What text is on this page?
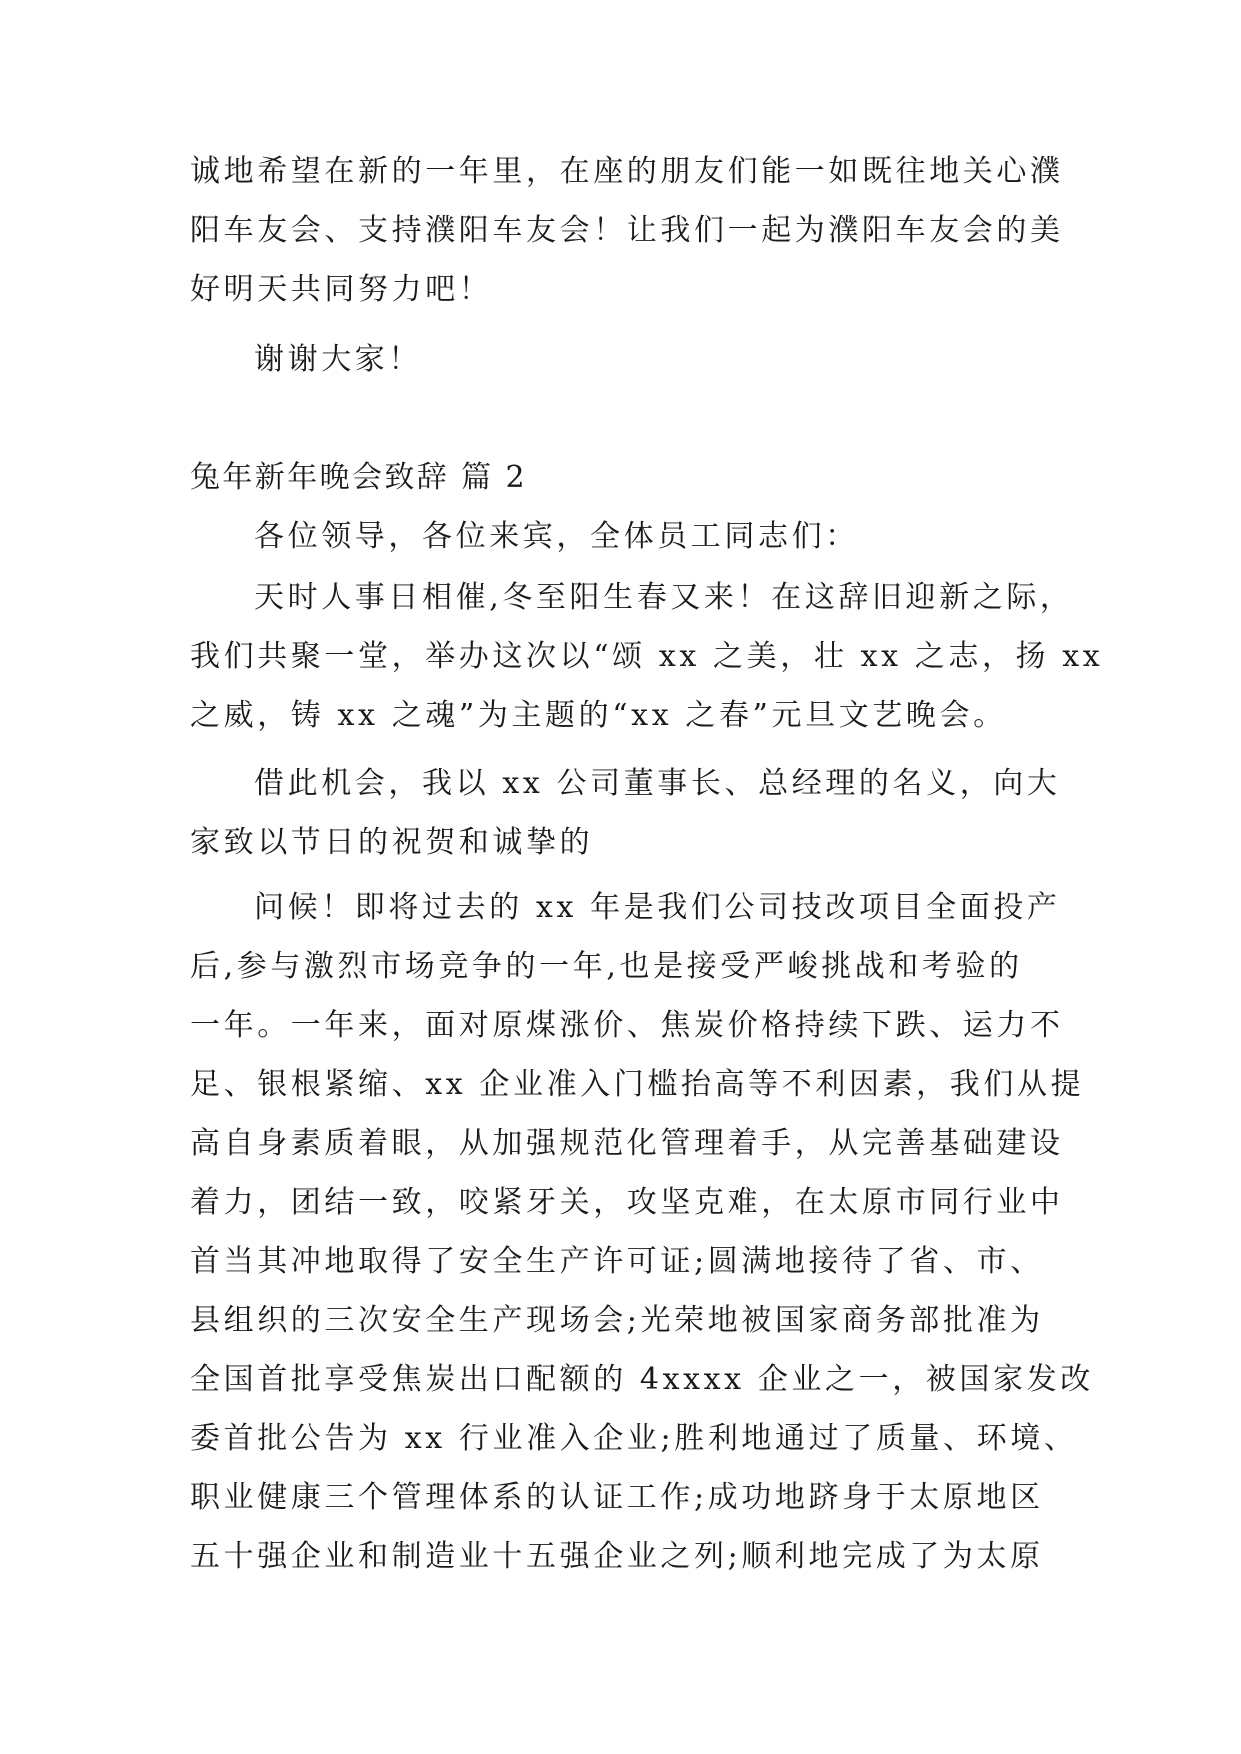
诚地希望在新的一年里，在座的朋友们能一如既往地关心濮
阳车友会、支持濮阳车友会！让我们一起为濮阳车友会的美
好明天共同努力吧！
谢谢大家！
兔年新年晚会致辞 篇 2
各位领导，各位来宾，全体员工同志们：
天时人事日相催,冬至阳生春又来！在这辞旧迎新之际，
我们共聚一堂，举办这次以“颂 xx 之美，壮 xx 之志，扬 xx
之威，铸 xx 之魂”为主题的“xx 之春”元旦文艺晚会。
借此机会，我以 xx 公司董事长、总经理的名义，向大
家致以节日的祝贺和诚挚的
问候！即将过去的 xx 年是我们公司技改项目全面投产
后,参与激烈市场竞争的一年,也是接受严峻挑战和考验的
一年。一年来，面对原煤涨价、焦炭价格持续下跌、运力不
足、银根紧缩、xx 企业准入门槛抬高等不利因素，我们从提
高自身素质着眼，从加强规范化管理着手，从完善基础建设
着力，团结一致，咬紧牙关，攻坚克难，在太原市同行业中
首当其冲地取得了安全生产许可证;圆满地接待了省、市、
县组织的三次安全生产现场会;光荣地被国家商务部批准为
全国首批享受焦炭出口配额的 4xxxx 企业之一，被国家发改
委首批公告为 xx 行业准入企业;胜利地通过了质量、环境、
职业健康三个管理体系的认证工作;成功地跻身于太原地区
五十强企业和制造业十五强企业之列;顺利地完成了为太原
